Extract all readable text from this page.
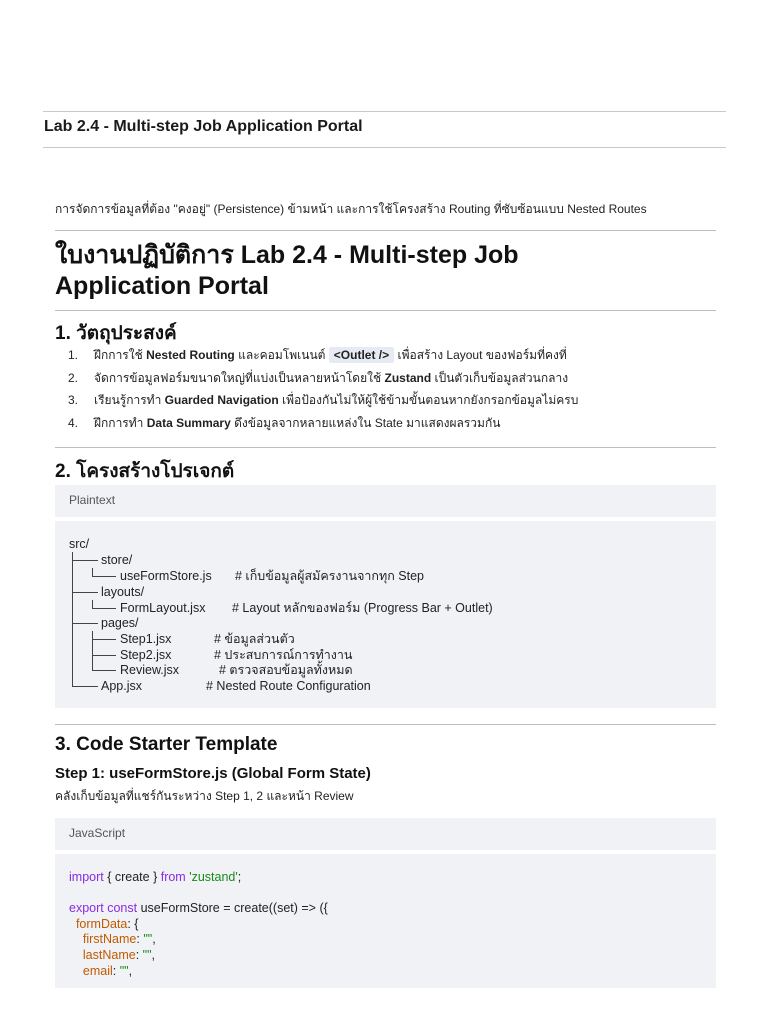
Lab 2.4 - Multi-step Job Application Portal
การจัดการข้อมูลที่ต้อง "คงอยู่" (Persistence) ข้ามหน้า และการใช้โครงสร้าง Routing ที่ซับซ้อนแบบ Nested Routes
ใบงานปฏิบัติการ Lab 2.4 - Multi-step Job
Application Portal
1. วัตถุประสงค์
1. ฝึกการใช้ Nested Routing และคอมโพเนนต์ <Outlet /> เพื่อสร้าง Layout ของฟอร์มที่คงที่
2. จัดการข้อมูลฟอร์มขนาดใหญ่ที่แบ่งเป็นหลายหน้าโดยใช้ Zustand เป็นตัวเก็บข้อมูลส่วนกลาง
3. เรียนรู้การทำ Guarded Navigation เพื่อป้องกันไม่ให้ผู้ใช้ข้ามขั้นตอนหากยังกรอกข้อมูลไม่ครบ
4. ฝึกการทำ Data Summary ดึงข้อมูลจากหลายแหล่งใน State มาแสดงผลรวมกัน
2. โครงสร้างโปรเจกต์
Plaintext
src/
store/
useFormStore.js # เก็บข้อมูลผู้สมัครงานจากทุก Step
layouts/
FormLayout.jsx # Layout หลักของฟอร์ม (Progress Bar + Outlet)
pages/
Step1.jsx	# ข้อมูลส่วนตัว
Step2.jsx	# ประสบการณ์การทำงาน
Review.jsx	# ตรวจสอบข้อมูลทั้งหมด
App.jsx	# Nested Route Configuration
3. Code Starter Template
Step 1: useFormStore.js (Global Form State)
คลังเก็บข้อมูลที่แชร์กันระหว่าง Step 1, 2 และหน้า Review
JavaScript
import { create } from 'zustand';

export const useFormStore = create((set) => ({
formData: {
firstName: "",
lastName: "",
email: "",
